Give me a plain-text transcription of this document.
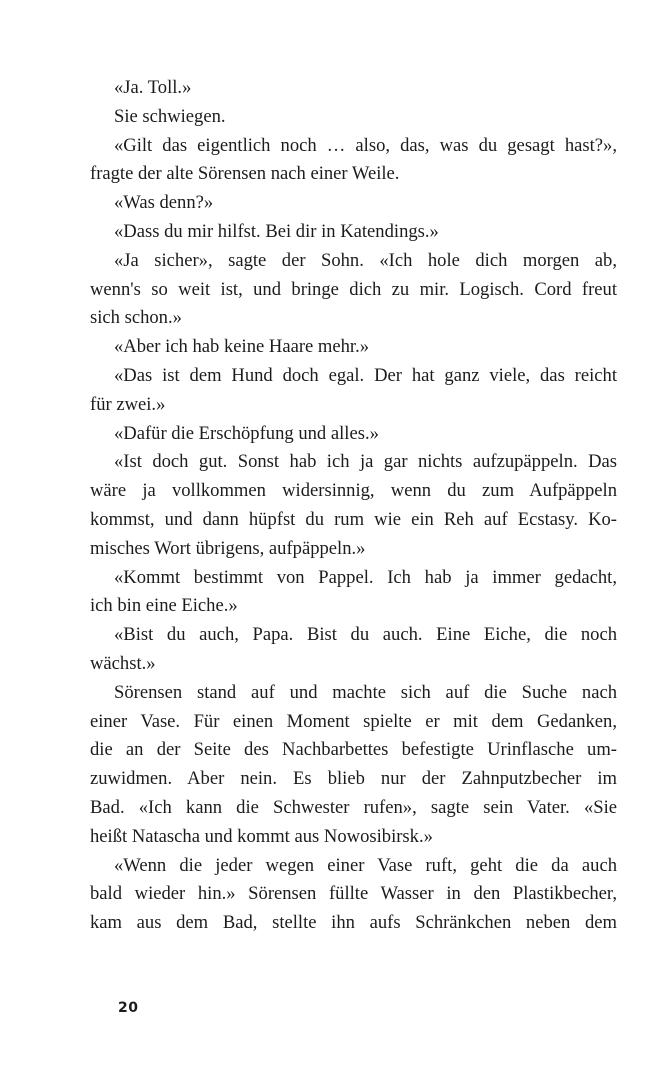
«Ja. Toll.»

Sie schwiegen.

«Gilt das eigentlich noch … also, das, was du gesagt hast?»,
fragte der alte Sörensen nach einer Weile.

«Was denn?»

«Dass du mir hilfst. Bei dir in Katendings.»

«Ja sicher», sagte der Sohn. «Ich hole dich morgen ab,
wenn's so weit ist, und bringe dich zu mir. Logisch. Cord freut
sich schon.»

«Aber ich hab keine Haare mehr.»

«Das ist dem Hund doch egal. Der hat ganz viele, das reicht
für zwei.»

«Dafür die Erschöpfung und alles.»

«Ist doch gut. Sonst hab ich ja gar nichts aufzupäppeln. Das
wäre ja vollkommen widersinnig, wenn du zum Aufpäppeln
kommst, und dann hüpfst du rum wie ein Reh auf Ecstasy. Ko-
misches Wort übrigens, aufpäppeln.»

«Kommt bestimmt von Pappel. Ich hab ja immer gedacht,
ich bin eine Eiche.»

«Bist du auch, Papa. Bist du auch. Eine Eiche, die noch
wächst.»

Sörensen stand auf und machte sich auf die Suche nach
einer Vase. Für einen Moment spielte er mit dem Gedanken,
die an der Seite des Nachbarbettes befestigte Urinflasche um-
zuwidmen. Aber nein. Es blieb nur der Zahnputzbecher im
Bad. «Ich kann die Schwester rufen», sagte sein Vater. «Sie
heißt Natascha und kommt aus Nowosibirsk.»

«Wenn die jeder wegen einer Vase ruft, geht die da auch
bald wieder hin.» Sörensen füllte Wasser in den Plastikbecher,
kam aus dem Bad, stellte ihn aufs Schränkchen neben dem

20
